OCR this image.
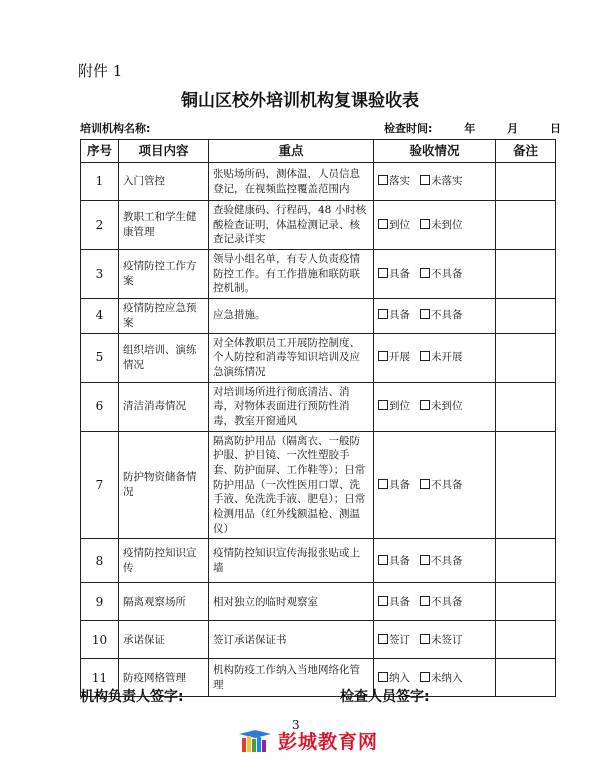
附件 1
铜山区校外培训机构复课验收表
培训机构名称:	检查时间:	年	月	日
序号	项目内容	重点	验收情况	备注
1	入门管控	张贴场所码，测体温，人员信息登记，在视频监控覆盖范围内	落实 未落实	
2	教职工和学生健康管理	查验健康码、行程码，48 小时核酸检查证明，体温检测记录、核查记录详实	到位 未到位	
3	疫情防控工作方案	领导小组名单，有专人负责疫情防控工作。有工作措施和联防联控机制。	具备 不具备	
4	疫情防控应急预案	应急措施。	具备 不具备	
5	组织培训、演练情况	对全体教职员工开展防控制度、个人防控和消毒等知识培训及应急演练情况	开展 未开展	
6	清洁消毒情况	对培训场所进行彻底清洁、消毒，对物体表面进行预防性消毒，教室开窗通风	到位 未到位	
7	防护物资储备情况	隔离防护用品（隔离衣、一般防护服、护目镜、一次性塑胶手套、防护面屏、工作鞋等）；日常防护用品（一次性医用口罩、洗手液、免洗洗手液、肥皂）；日常检测用品（红外线额温枪、测温仪）	具备 不具备	
8	疫情防控知识宣传	疫情防控知识宣传海报张贴或上墙	具备 不具备	
9	隔离观察场所	相对独立的临时观察室	具备 不具备	
10	承诺保证	签订承诺保证书	签订 未签订	
11	防疫网格管理	机构防疫工作纳入当地网络化管理	纳入 未纳入	
机构负责人签字:	检查人员签字:
3
彭城教育网
